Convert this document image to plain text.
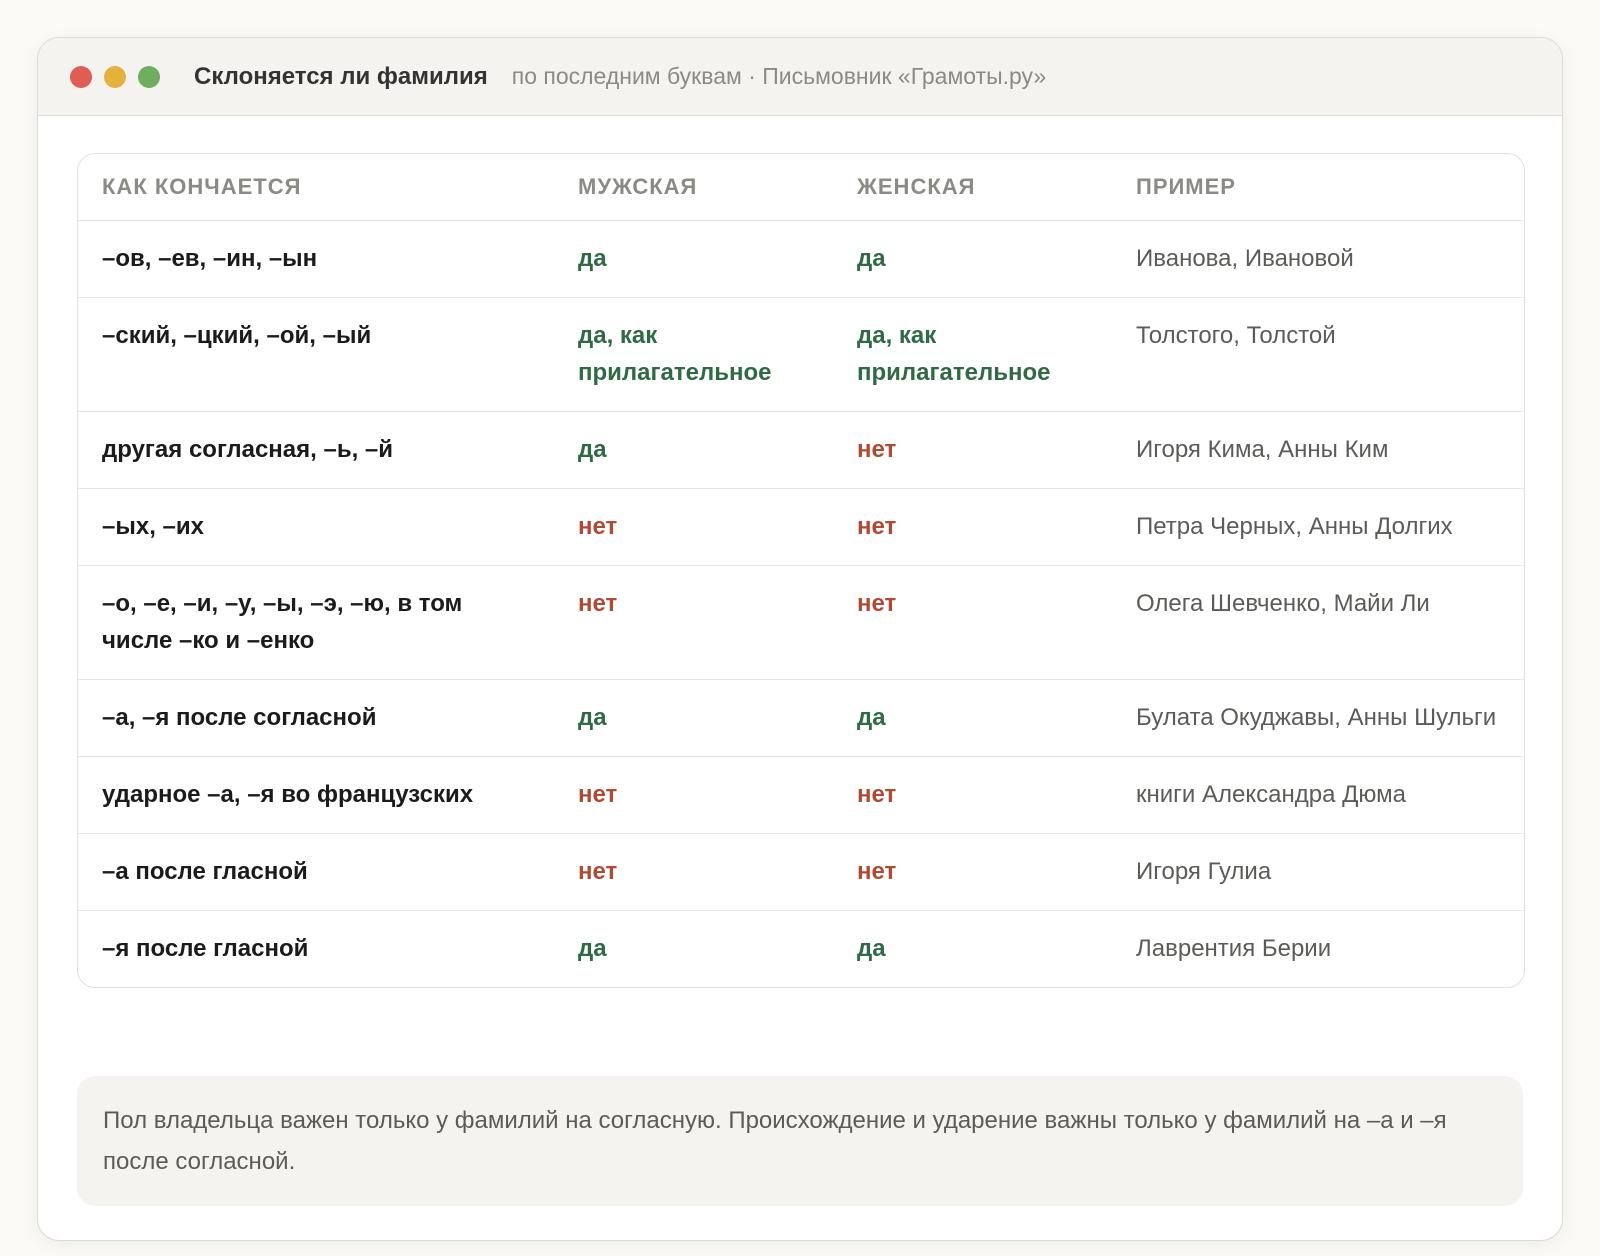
Склоняется ли фамилия по последним буквам · Письмовник «Грамоты.ру»
КАК КОНЧАЕТСЯ	МУЖСКАЯ	ЖЕНСКАЯ	ПРИМЕР
–ов, –ев, –ин, –ын	да	да	Иванова, Ивановой
–ский, –цкий, –ой, –ый	да, как прилагательное	да, как прилагательное	Толстого, Толстой
другая согласная, –ь, –й	да	нет	Игоря Кима, Анны Ким
–ых, –их	нет	нет	Петра Черных, Анны Долгих
–о, –е, –и, –у, –ы, –э, –ю, в том числе –ко и –енко	нет	нет	Олега Шевченко, Майи Ли
–а, –я после согласной	да	да	Булата Окуджавы, Анны Шульги
ударное –а, –я во французских	нет	нет	книги Александра Дюма
–а после гласной	нет	нет	Игоря Гулиа
–я после гласной	да	да	Лаврентия Берии
Пол владельца важен только у фамилий на согласную. Происхождение и ударение важны только у фамилий на –а и –я после согласной.
